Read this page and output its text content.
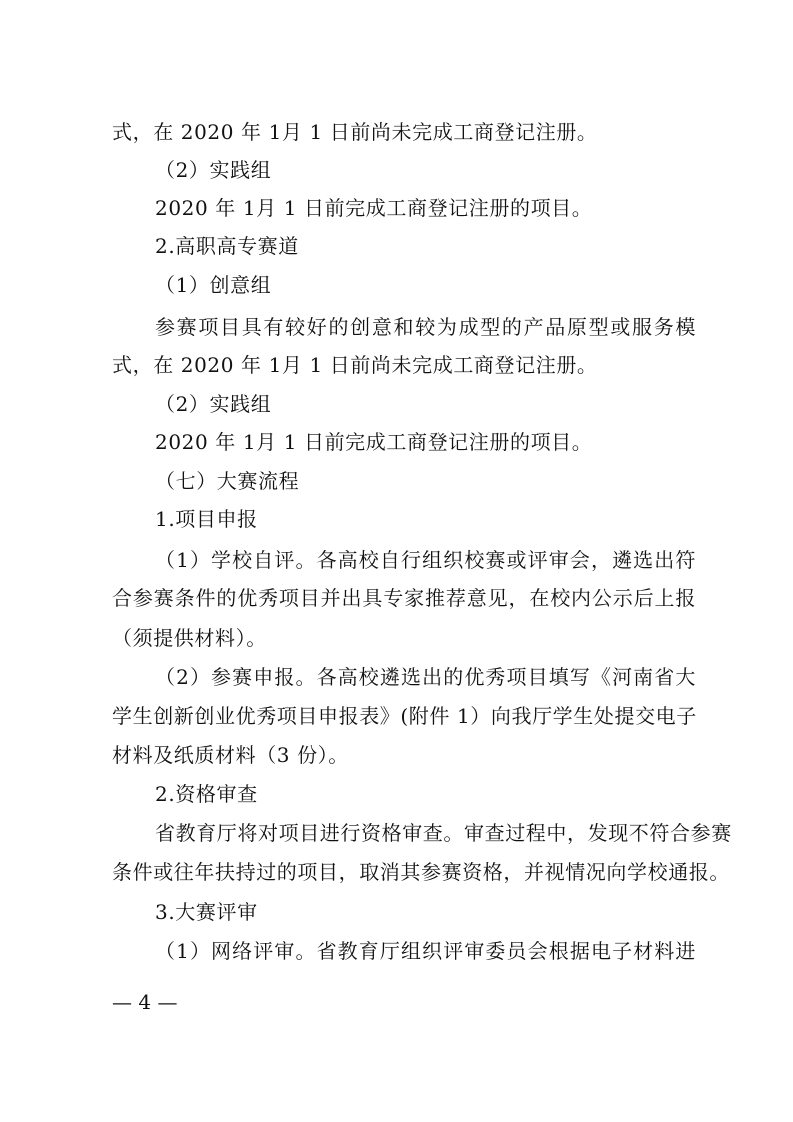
式，在 2020 年 1月 1 日前尚未完成工商登记注册。
（2）实践组
2020 年 1月 1 日前完成工商登记注册的项目。
2.高职高专赛道
（1）创意组
参赛项目具有较好的创意和较为成型的产品原型或服务模
式，在 2020 年 1月 1 日前尚未完成工商登记注册。
（2）实践组
2020 年 1月 1 日前完成工商登记注册的项目。
（七）大赛流程
1.项目申报
（1）学校自评。各高校自行组织校赛或评审会，遴选出符
合参赛条件的优秀项目并出具专家推荐意见，在校内公示后上报
（须提供材料）。
（2）参赛申报。各高校遴选出的优秀项目填写《河南省大
学生创新创业优秀项目申报表》(附件 1）向我厅学生处提交电子
材料及纸质材料（3 份）。
2.资格审查
省教育厅将对项目进行资格审查。审查过程中，发现不符合参赛
条件或往年扶持过的项目，取消其参赛资格，并视情况向学校通报。
3.大赛评审
（1）网络评审。省教育厅组织评审委员会根据电子材料进
— 4 —
